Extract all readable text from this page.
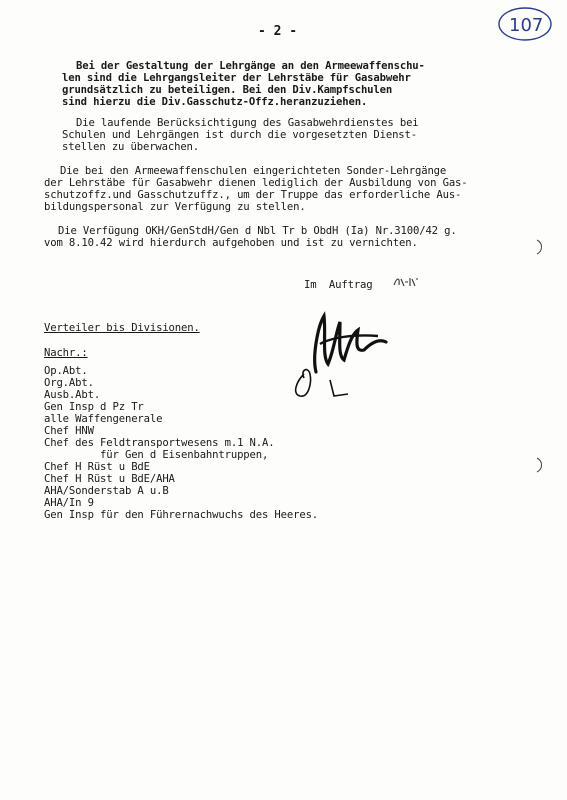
- 2 -	107
Bei der Gestaltung der Lehrgänge an den Armeewaffenschu-
len sind die Lehrgangsleiter der Lehrstäbe für Gasabwehr
grundsätzlich zu beteiligen. Bei den Div.Kampfschulen
sind hierzu die Div.Gasschutz-Offz.heranzuziehen.
Die laufende Berücksichtigung des Gasabwehrdienstes bei
Schulen und Lehrgängen ist durch die vorgesetzten Dienst-
stellen zu überwachen.
Die bei den Armeewaffenschulen eingerichteten Sonder-Lehrgänge
der Lehrstäbe für Gasabwehr dienen lediglich der Ausbildung von Gas-
schutzoffz.und Gasschutzuffz., um der Truppe das erforderliche Aus-
bildungspersonal zur Verfügung zu stellen.
Die Verfügung OKH/GenStdH/Gen d Nbl Tr b ObdH (Ia) Nr.3100/42 g.
vom 8.10.42 wird hierdurch aufgehoben und ist zu vernichten.
Im  Auftrag
Verteiler bis Divisionen.
Nachr.:
Op.Abt.
Org.Abt.
Ausb.Abt.
Gen Insp d Pz Tr
alle Waffengenerale
Chef HNW
Chef des Feldtransportwesens m.1 N.A.
für Gen d Eisenbahntruppen,
Chef H Rüst u BdE
Chef H Rüst u BdE/AHA
AHA/Sonderstab A u.B
AHA/In 9
Gen Insp für den Führernachwuchs des Heeres.
